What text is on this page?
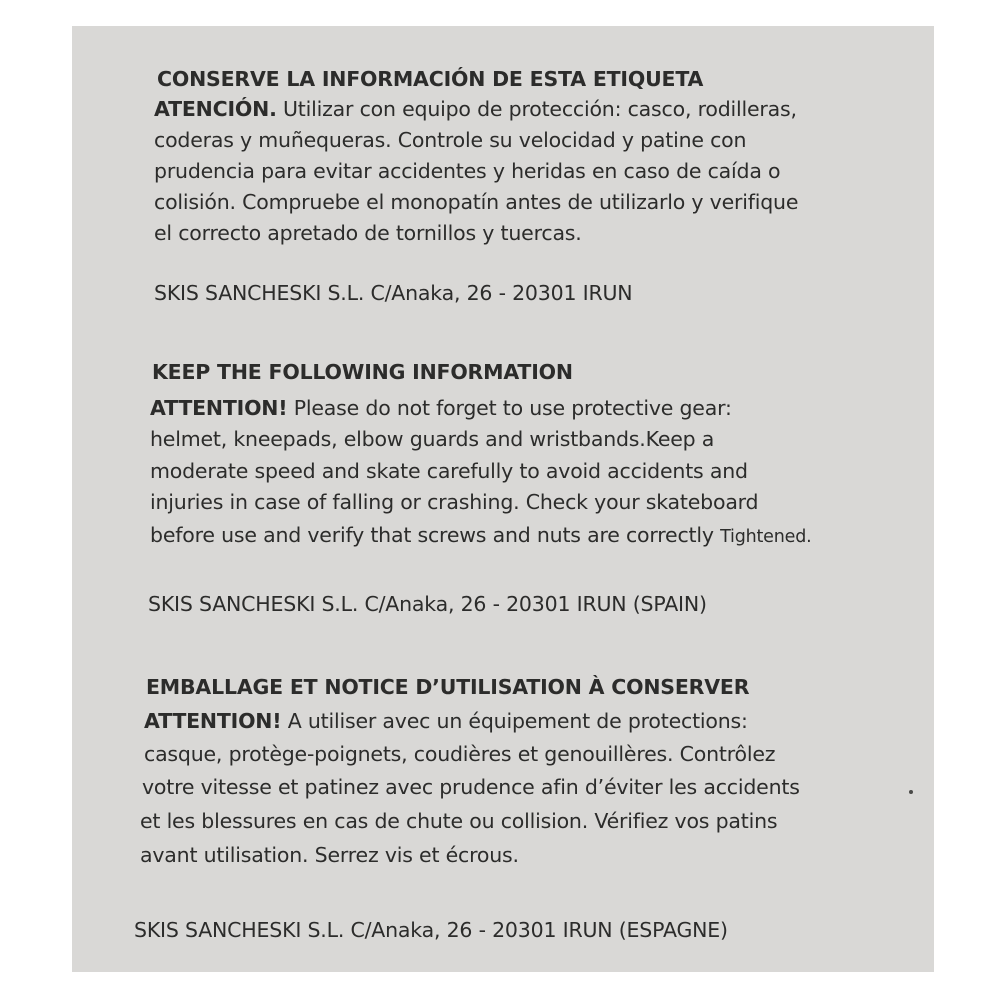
CONSERVE LA INFORMACIÓN DE ESTA ETIQUETA
ATENCIÓN. Utilizar con equipo de protección: casco, rodilleras,
coderas y muñequeras. Controle su velocidad y patine con
prudencia para evitar accidentes y heridas en caso de caída o
colisión. Compruebe el monopatín antes de utilizarlo y verifique
el correcto apretado de tornillos y tuercas.
SKIS SANCHESKI S.L. C/Anaka, 26 - 20301 IRUN
KEEP THE FOLLOWING INFORMATION
ATTENTION! Please do not forget to use protective gear:
helmet, kneepads, elbow guards and wristbands.Keep a
moderate speed and skate carefully to avoid accidents and
injuries in case of falling or crashing. Check your skateboard
before use and verify that screws and nuts are correctly Tightened.
SKIS SANCHESKI S.L. C/Anaka, 26 - 20301 IRUN (SPAIN)
EMBALLAGE ET NOTICE D’UTILISATION À CONSERVER
ATTENTION! A utiliser avec un équipement de protections:
casque, protège-poignets, coudières et genouillères. Contrôlez
votre vitesse et patinez avec prudence afin d’éviter les accidents
et les blessures en cas de chute ou collision. Vérifiez vos patins
avant utilisation. Serrez vis et écrous.
SKIS SANCHESKI S.L. C/Anaka, 26 - 20301 IRUN (ESPAGNE)
